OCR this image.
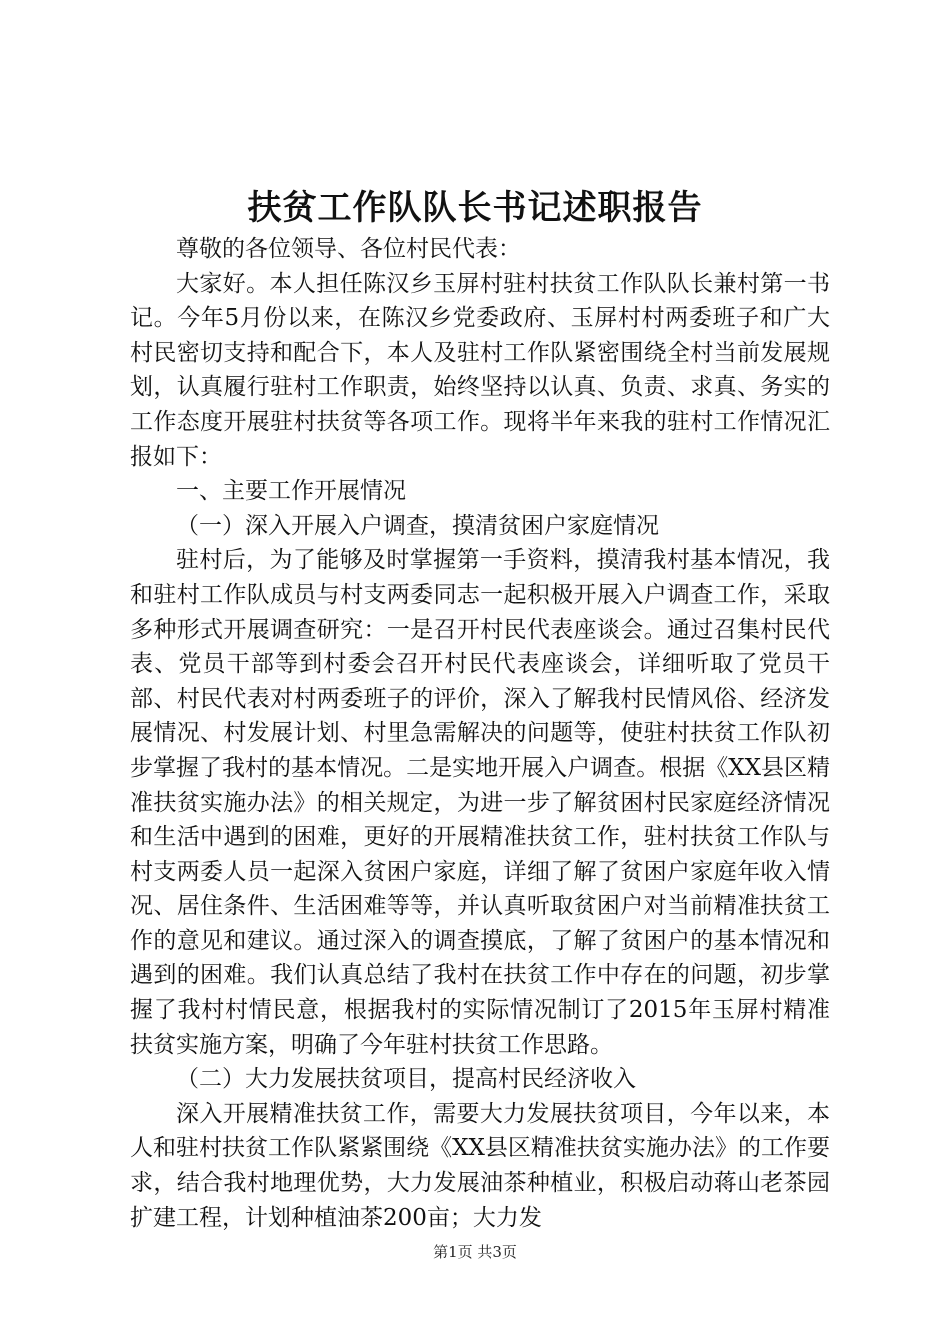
扶贫工作队队长书记述职报告

尊敬的各位领导、各位村民代表：

大家好。本人担任陈汉乡玉屏村驻村扶贫工作队队长兼村第一书记。今年5月份以来，在陈汉乡党委政府、玉屏村村两委班子和广大村民密切支持和配合下，本人及驻村工作队紧密围绕全村当前发展规划，认真履行驻村工作职责，始终坚持以认真、负责、求真、务实的工作态度开展驻村扶贫等各项工作。现将半年来我的驻村工作情况汇报如下：

一、主要工作开展情况

（一）深入开展入户调查，摸清贫困户家庭情况

驻村后，为了能够及时掌握第一手资料，摸清我村基本情况，我和驻村工作队成员与村支两委同志一起积极开展入户调查工作，采取多种形式开展调查研究：一是召开村民代表座谈会。通过召集村民代表、党员干部等到村委会召开村民代表座谈会，详细听取了党员干部、村民代表对村两委班子的评价，深入了解我村民情风俗、经济发展情况、村发展计划、村里急需解决的问题等，使驻村扶贫工作队初步掌握了我村的基本情况。二是实地开展入户调查。根据《XX县区精准扶贫实施办法》的相关规定，为进一步了解贫困村民家庭经济情况和生活中遇到的困难，更好的开展精准扶贫工作，驻村扶贫工作队与村支两委人员一起深入贫困户家庭，详细了解了贫困户家庭年收入情况、居住条件、生活困难等等，并认真听取贫困户对当前精准扶贫工作的意见和建议。通过深入的调查摸底，了解了贫困户的基本情况和遇到的困难。我们认真总结了我村在扶贫工作中存在的问题，初步掌握了我村村情民意，根据我村的实际情况制订了2015年玉屏村精准扶贫实施方案，明确了今年驻村扶贫工作思路。

（二）大力发展扶贫项目，提高村民经济收入

深入开展精准扶贫工作，需要大力发展扶贫项目，今年以来，本人和驻村扶贫工作队紧紧围绕《XX县区精准扶贫实施办法》的工作要求，结合我村地理优势，大力发展油茶种植业，积极启动蒋山老茶园扩建工程，计划种植油茶200亩；大力发

第1页 共3页
